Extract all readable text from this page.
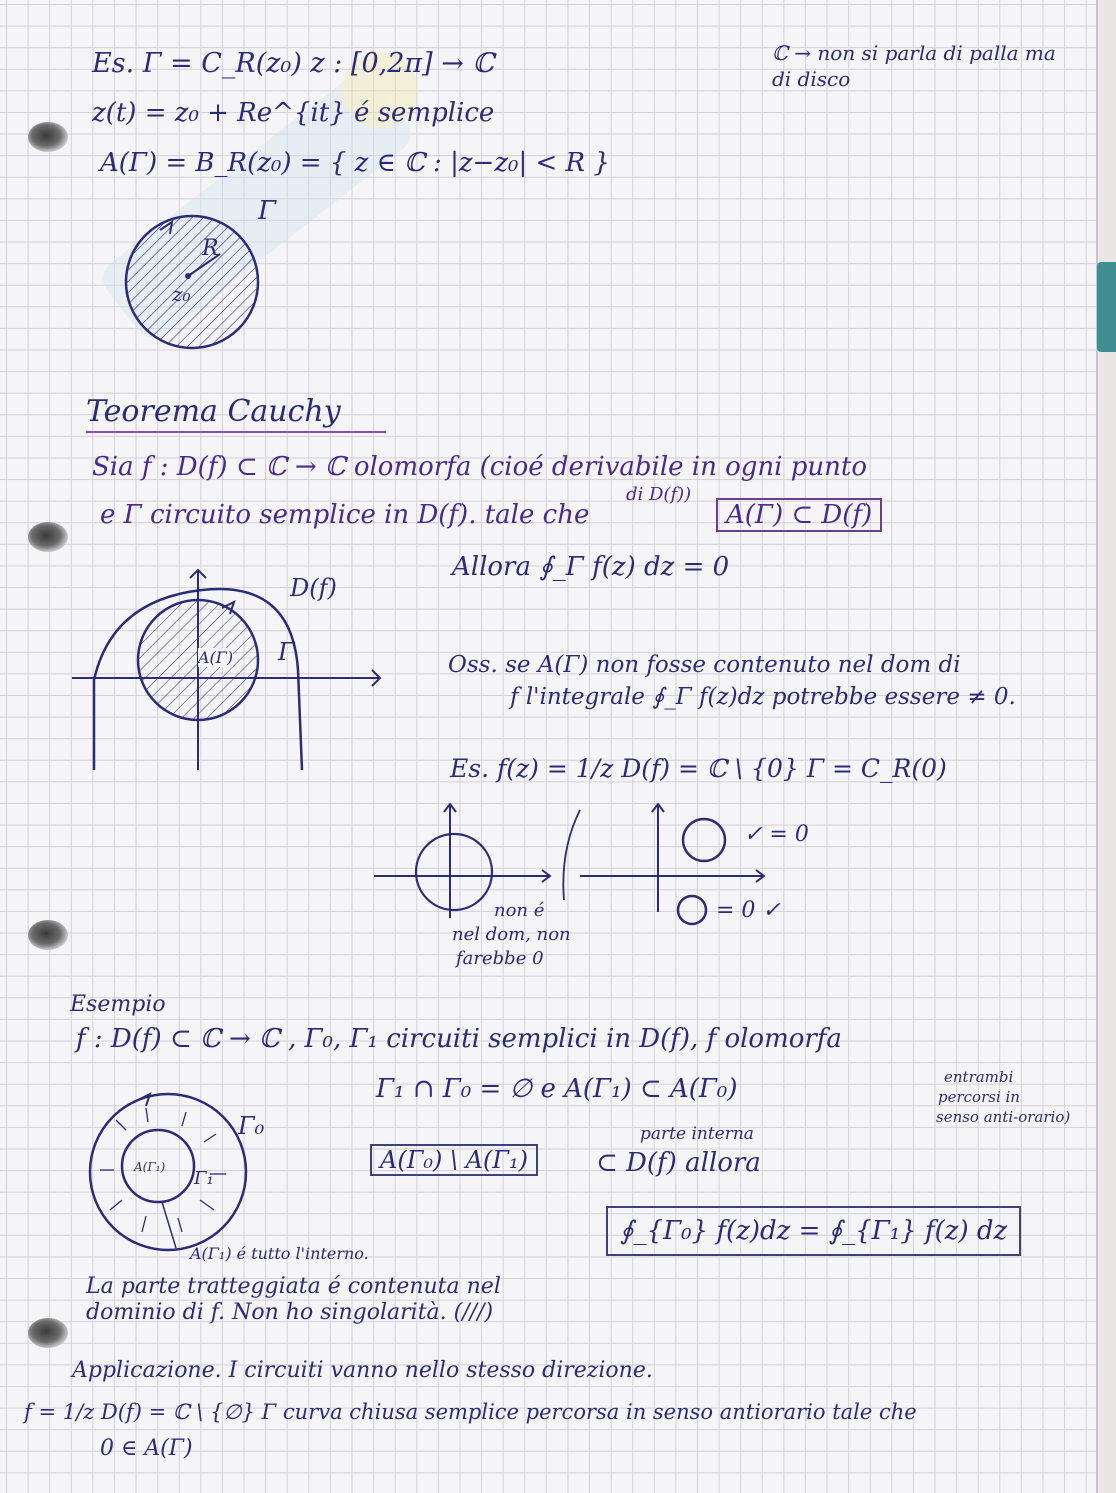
Es. Γ = C_R(z₀) z : [0,2π] → ℂ	ℂ → non si parla di palla ma di disco
z(t) = z₀ + Re^{it} é semplice
A(Γ) = B_R(z₀) = { z ∈ ℂ : |z−z₀| < R }
Γ
R
z₀
Teorema Cauchy
Sia f : D(f) ⊂ ℂ → ℂ olomorfa (cioé derivabile in ogni punto
di D(f))
e Γ circuito semplice in D(f). tale che	A(Γ) ⊂ D(f)
D(f)
A(Γ) Γ
Allora ∮_Γ f(z) dz = 0
Oss. se A(Γ) non fosse contenuto nel dom di
f l'integrale ∮_Γ f(z)dz potrebbe essere ≠ 0.
Es. f(z) = 1/z D(f) = ℂ \ {0} Γ = C_R(0)
✓ = 0
= 0 ✓
non é
nel dom, non
farebbe 0
Esempio
f : D(f) ⊂ ℂ → ℂ , Γ₀, Γ₁ circuiti semplici in D(f), f olomorfa
Γ₁ ∩ Γ₀ = ∅ e A(Γ₁) ⊂ A(Γ₀)	entrambi
percorsi in
senso anti-orario)
parte interna
A(Γ₀) \ A(Γ₁)	⊂ D(f) allora
∮_{Γ₀} f(z)dz = ∮_{Γ₁} f(z) dz
Γ₀
Γ₁
A(Γ₁)
A(Γ₁) é tutto l'interno.
La parte tratteggiata é contenuta nel
dominio di f. Non ho singolarità. (///)
Applicazione. I circuiti vanno nello stesso direzione.
f = 1/z D(f) = ℂ \ {∅} Γ curva chiusa semplice percorsa in senso antiorario tale che
0 ∈ A(Γ)
